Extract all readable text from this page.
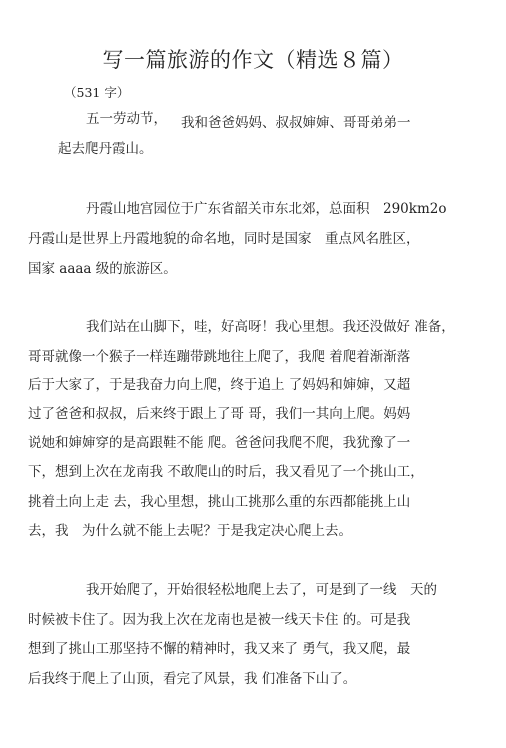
写一篇旅游的作文（精选８篇）
（531 字）
五一劳动节， 我和爸爸妈妈、叔叔婶婶、哥哥弟弟一
起去爬丹霞山。
丹霞山地宫园位于广东省韶关市东北郊，总面积　290km2o
丹霞山是世界上丹霞地貌的命名地，同时是国家　重点风名胜区，
国家 aaaa 级的旅游区。
我们站在山脚下，哇，好高呀！我心里想。我还没做好 准备，
哥哥就像一个猴子一样连蹦带跳地往上爬了，我爬 着爬着渐渐落
后于大家了，于是我奋力向上爬，终于追上 了妈妈和婶婶，又超
过了爸爸和叔叔，后来终于跟上了哥 哥，我们一其向上爬。妈妈
说她和婶婶穿的是高跟鞋不能 爬。爸爸问我爬不爬，我犹豫了一
下，想到上次在龙南我 不敢爬山的时后，我又看见了一个挑山工，
挑着土向上走 去，我心里想，挑山工挑那么重的东西都能挑上山
去，我　为什么就不能上去呢？于是我定决心爬上去。
我开始爬了，开始很轻松地爬上去了，可是到了一线　天的
时候被卡住了。因为我上次在龙南也是被一线天卡住 的。可是我
想到了挑山工那坚持不懈的精神时，我又来了 勇气，我又爬，最
后我终于爬上了山顶，看完了风景，我 们准备下山了。
